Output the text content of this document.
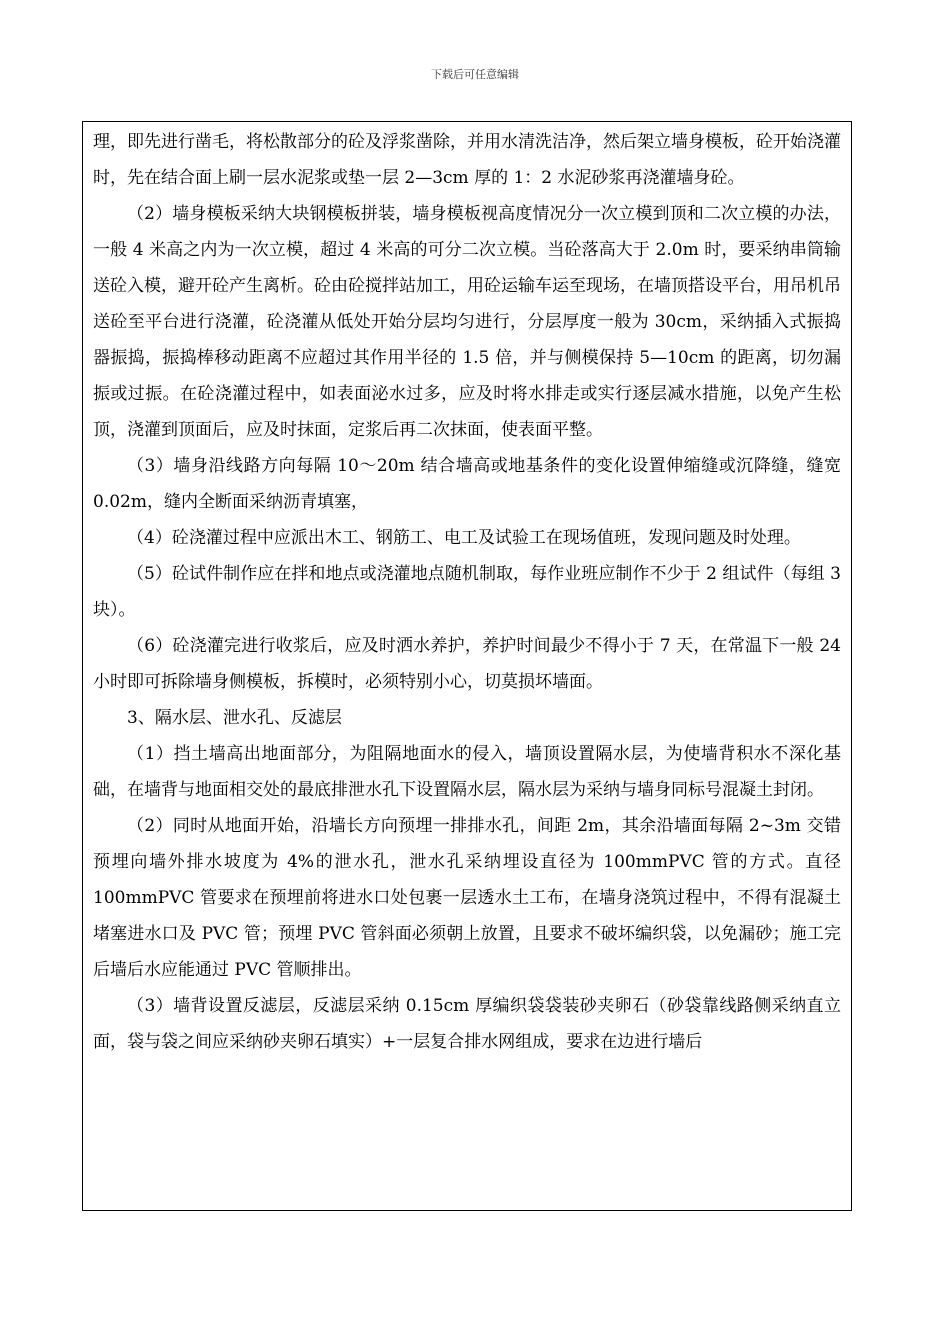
下载后可任意编辑

理，即先进行凿毛，将松散部分的砼及浮浆凿除，并用水清洗洁净，然后架立墙身模板，砼开始浇灌时，先在结合面上刷一层水泥浆或垫一层 2—3cm 厚的 1：2 水泥砂浆再浇灌墙身砼。

（2）墙身模板采纳大块钢模板拼装，墙身模板视高度情况分一次立模到顶和二次立模的办法，一般 4 米高之内为一次立模，超过 4 米高的可分二次立模。当砼落高大于 2.0m 时，要采纳串筒输送砼入模，避开砼产生离析。砼由砼搅拌站加工，用砼运输车运至现场，在墙顶搭设平台，用吊机吊送砼至平台进行浇灌，砼浇灌从低处开始分层均匀进行，分层厚度一般为 30cm，采纳插入式振捣器振捣，振捣棒移动距离不应超过其作用半径的 1.5 倍，并与侧模保持 5—10cm 的距离，切勿漏振或过振。在砼浇灌过程中，如表面泌水过多，应及时将水排走或实行逐层减水措施，以免产生松顶，浇灌到顶面后，应及时抹面，定浆后再二次抹面，使表面平整。

（3）墙身沿线路方向每隔 10～20m 结合墙高或地基条件的变化设置伸缩缝或沉降缝，缝宽 0.02m，缝内全断面采纳沥青填塞，

（4）砼浇灌过程中应派出木工、钢筋工、电工及试验工在现场值班，发现问题及时处理。

（5）砼试件制作应在拌和地点或浇灌地点随机制取，每作业班应制作不少于 2 组试件（每组 3 块）。

（6）砼浇灌完进行收浆后，应及时洒水养护，养护时间最少不得小于 7 天，在常温下一般 24 小时即可拆除墙身侧模板，拆模时，必须特别小心，切莫损坏墙面。

3、隔水层、泄水孔、反滤层

（1）挡土墙高出地面部分，为阻隔地面水的侵入，墙顶设置隔水层，为使墙背积水不深化基础，在墙背与地面相交处的最底排泄水孔下设置隔水层，隔水层为采纳与墙身同标号混凝土封闭。

（2）同时从地面开始，沿墙长方向预埋一排排水孔，间距 2m，其余沿墙面每隔 2~3m 交错预埋向墙外排水坡度为 4%的泄水孔，泄水孔采纳埋设直径为 100mmPVC 管的方式。直径 100mmPVC 管要求在预埋前将进水口处包裹一层透水土工布，在墙身浇筑过程中，不得有混凝土堵塞进水口及 PVC 管；预埋 PVC 管斜面必须朝上放置，且要求不破坏编织袋，以免漏砂；施工完后墙后水应能通过 PVC 管顺排出。

（3）墙背设置反滤层，反滤层采纳 0.15cm 厚编织袋袋装砂夹卵石（砂袋靠线路侧采纳直立面，袋与袋之间应采纳砂夹卵石填实）+一层复合排水网组成，要求在边进行墙后
